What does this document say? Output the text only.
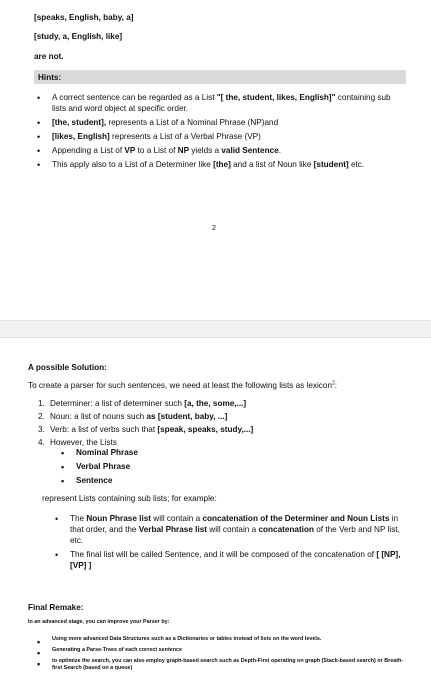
[speaks, English, baby, a]
[study, a, English, like]
are not.
Hints:
• A correct sentence can be regarded as a List "[ the, student, likes, English]" containing sub lists and word object at specific order.
• [the, student], represents a List of a Nominal Phrase (NP)and
• [likes, English] represents a List of a Verbal Phrase (VP)
• Appending a List of VP to a List of NP yields a valid Sentence.
• This apply also to a List of a Determiner like [the] and a list of Noun like [student] etc.
2
A possible Solution:
To create a parser for such sentences, we need at least the following lists as lexicon$^2$:
1. Determiner: a list of determiner such [a, the, some,...]
2. Noun: a list of nouns such as [student, baby, ...]
3. Verb: a list of verbs such that [speak, speaks, study,...]
4. However, the Lists
• Nominal Phrase
• Verbal Phrase
• Sentence
represent Lists containing sub lists; for example:
• The Noun Phrase list will contain a concatenation of the Determiner and Noun Lists in that order, and the Verbal Phrase list will contain a concatenation of the Verb and NP list, etc.
• The final list will be called Sentence, and it will be composed of the concatenation of [ [NP], [VP] ]
Final Remake:
In an advanced stage, you can improve your Parser by:
• Using more advanced Data Structures such as a Dictionaries or tables instead of lists on the word levels.
• Generating a Parse-Trees of each correct sentence
• to optimize the search, you can also employ graph-based search such as Depth-First operating on graph (Stack-based search) or Breath-first Search (based on a queue)
